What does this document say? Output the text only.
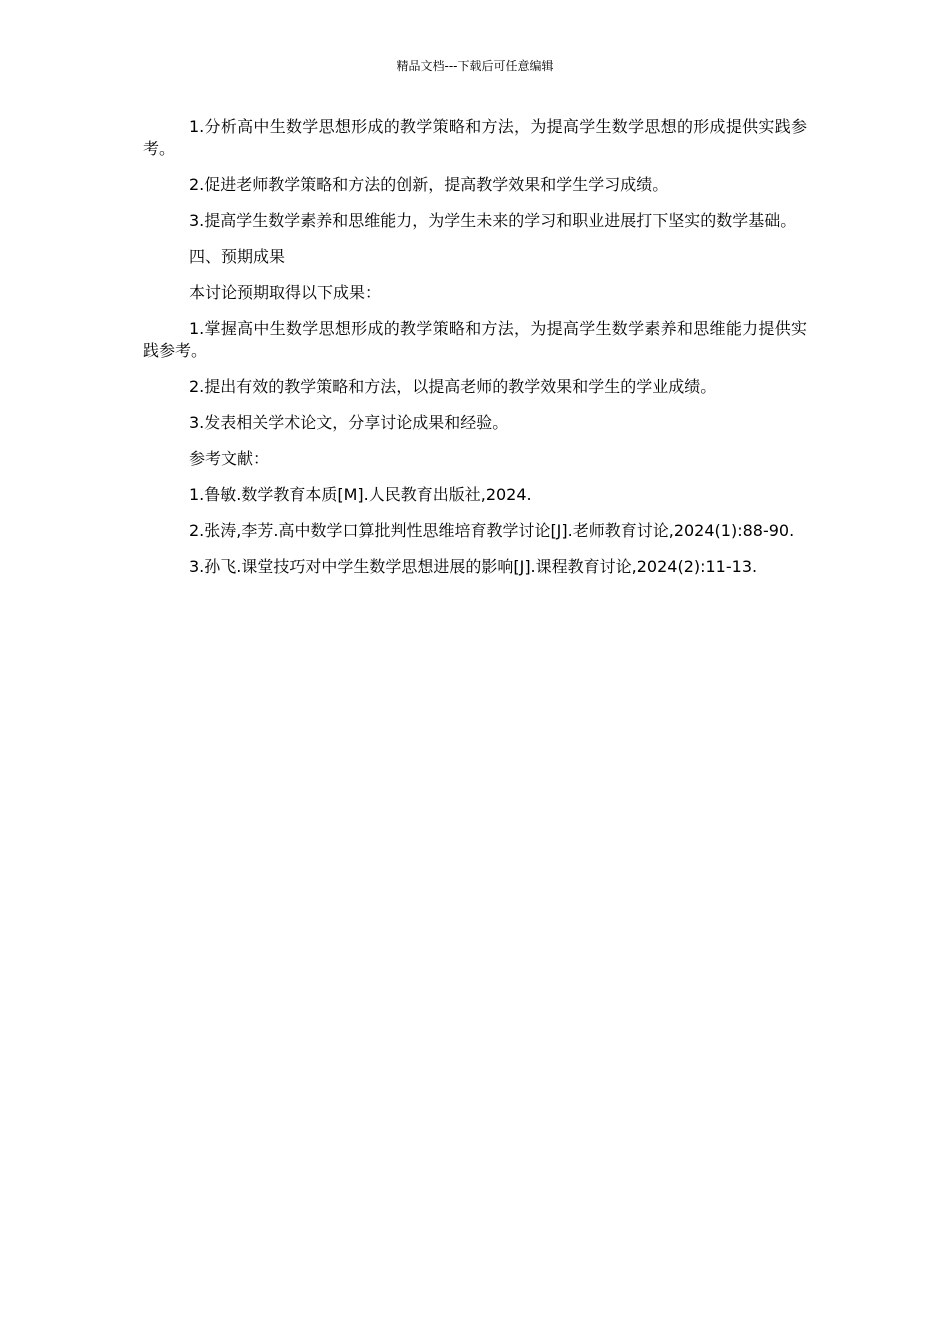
精品文档---下载后可任意编辑

1.分析高中生数学思想形成的教学策略和方法，为提高学生数学思想的形成提供实践参考。

2.促进老师教学策略和方法的创新，提高教学效果和学生学习成绩。

3.提高学生数学素养和思维能力，为学生未来的学习和职业进展打下坚实的数学基础。

四、预期成果

本讨论预期取得以下成果：

1.掌握高中生数学思想形成的教学策略和方法，为提高学生数学素养和思维能力提供实践参考。

2.提出有效的教学策略和方法，以提高老师的教学效果和学生的学业成绩。

3.发表相关学术论文，分享讨论成果和经验。

参考文献：

1.鲁敏.数学教育本质[M].人民教育出版社,2024.

2.张涛,李芳.高中数学口算批判性思维培育教学讨论[J].老师教育讨论,2024(1):88-90.

3.孙飞.课堂技巧对中学生数学思想进展的影响[J].课程教育讨论,2024(2):11-13.
